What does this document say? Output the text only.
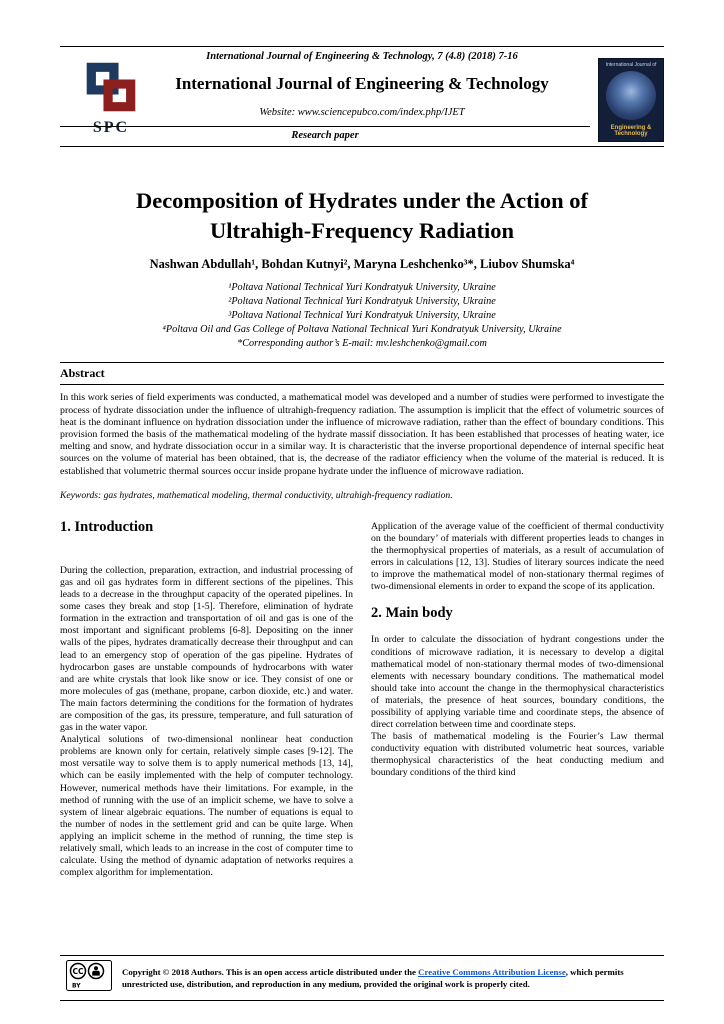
International Journal of Engineering & Technology, 7 (4.8) (2018) 7-16
SPC
International Journal of Engineering & Technology
Website: www.sciencepubco.com/index.php/IJET
International Journal of
Engineering & Technology
Research paper
Decomposition of Hydrates under the Action of Ultrahigh-Frequency Radiation
Nashwan Abdullah¹, Bohdan Kutnyi², Maryna Leshchenko³*, Liubov Shumska⁴
¹Poltava National Technical Yuri Kondratyuk University, Ukraine
²Poltava National Technical Yuri Kondratyuk University, Ukraine
³Poltava National Technical Yuri Kondratyuk University, Ukraine
⁴Poltava Oil and Gas College of Poltava National Technical Yuri Kondratyuk University, Ukraine
*Corresponding author’s E-mail: mv.leshchenko@gmail.com
Abstract

In this work series of field experiments was conducted, a mathematical model was developed and a number of studies were performed to investigate the process of hydrate dissociation under the influence of ultrahigh-frequency radiation. The assumption is implicit that the effect of volumetric sources of heat is the dominant influence on hydration dissociation under the influence of microwave radiation, rather than the effect of boundary conditions. This provision formed the basis of the mathematical modeling of the hydrate massif dissociation. It has been established that processes of heating water, ice melting and snow, and hydrate dissociation occur in a similar way. It is characteristic that the inverse proportional dependence of internal specific heat sources on the volume of material has been obtained, that is, the decrease of the radiator efficiency when the volume of the material is reduced. It is established that volumetric thermal sources occur inside propane hydrate under the influence of microwave radiation.

Keywords: gas hydrates, mathematical modeling, thermal conductivity, ultrahigh-frequency radiation.

1. Introduction

During the collection, preparation, extraction, and industrial processing of gas and oil gas hydrates form in different sections of the pipelines. This leads to a decrease in the throughput capacity of the operated pipelines. In some cases they break and stop [1-5]. Therefore, elimination of hydrate formation in the extraction and transportation of oil and gas is one of the most important and significant problems [6-8]. Depositing on the inner walls of the pipes, hydrates dramatically decrease their throughput and can lead to an emergency stop of operation of the gas pipeline. Hydrates of hydrocarbon gases are unstable compounds of hydrocarbons with water and are white crystals that look like snow or ice. They consist of one or more molecules of gas (methane, propane, carbon dioxide, etc.) and water. The main factors determining the conditions for the formation of hydrates are composition of the gas, its pressure, temperature, and full saturation of gas in the water vapor.

Analytical solutions of two-dimensional nonlinear heat conduction problems are known only for certain, relatively simple cases [9-12]. The most versatile way to solve them is to apply numerical methods [13, 14], which can be easily implemented with the help of computer technology. However, numerical methods have their limitations. For example, in the method of running with the use of an implicit scheme, we have to solve a system of linear algebraic equations. The number of equations is equal to the number of nodes in the settlement grid and can be quite large. When applying an implicit scheme in the method of running, the time step is relatively small, which leads to an increase in the cost of computer time to calculate. Using the method of dynamic adaptation of networks requires a complex algorithm for implementation.

Application of the average value of the coefficient of thermal conductivity on the boundary’ of materials with different properties leads to changes in the thermophysical properties of materials, as a result of accumulation of errors in calculations [12, 13]. Studies of literary sources indicate the need to improve the mathematical model of non-stationary thermal regimes of two-dimensional elements in order to expand the scope of its application.

2. Main body

In order to calculate the dissociation of hydrant congestions under the conditions of microwave radiation, it is necessary to develop a digital mathematical model of non-stationary thermal modes of two-dimensional elements with necessary boundary conditions. The mathematical model should take into account the change in the thermophysical characteristics of materials, the presence of heat sources, boundary conditions, the possibility of applying variable time and coordinate steps, the absence of direct correlation between time and coordinate steps.

The basis of mathematical modeling is the Fourier’s Law thermal conductivity equation with distributed volumetric heat sources, variable thermophysical characteristics of the heat conducting medium and boundary conditions of the third kind

CC
BY

Copyright © 2018 Authors. This is an open access article distributed under the Creative Commons Attribution License, which permits unrestricted use, distribution, and reproduction in any medium, provided the original work is properly cited.
